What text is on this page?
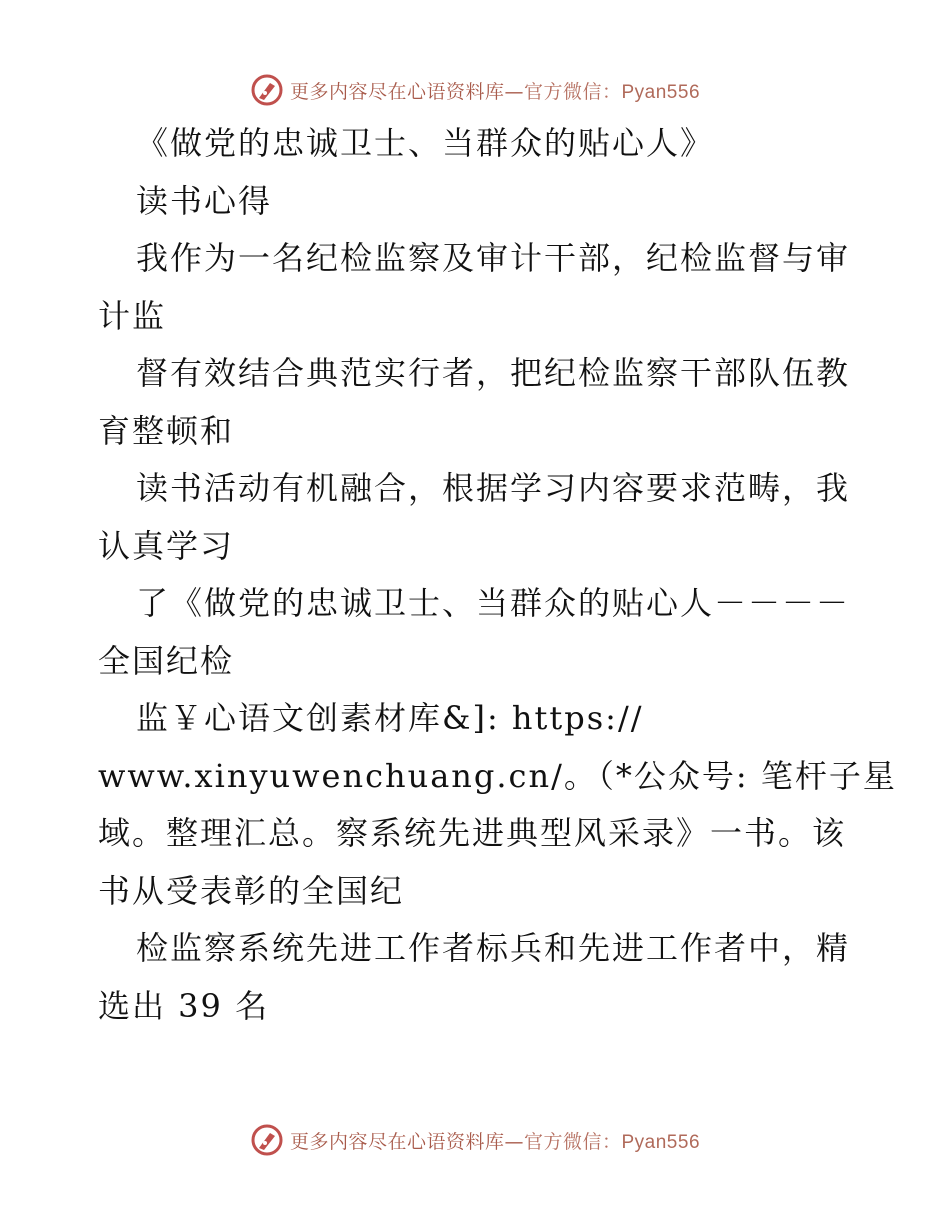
更多内容尽在心语资料库—官方微信：Pyan556
《做党的忠诚卫士、当群众的贴心人》
读书心得
我作为一名纪检监察及审计干部，纪检监督与审
计监
督有效结合典范实行者，把纪检监察干部队伍教
育整顿和
读书活动有机融合，根据学习内容要求范畴，我
认真学习
了《做党的忠诚卫士、当群众的贴心人－－－－
全国纪检
监￥心语文创素材库&]: https://
www.xinyuwenchuang.cn/。（*公众号: 笔杆子星
域。整理汇总。察系统先进典型风采录》一书。该
书从受表彰的全国纪
检监察系统先进工作者标兵和先进工作者中，精
选出 39 名
更多内容尽在心语资料库—官方微信：Pyan556
